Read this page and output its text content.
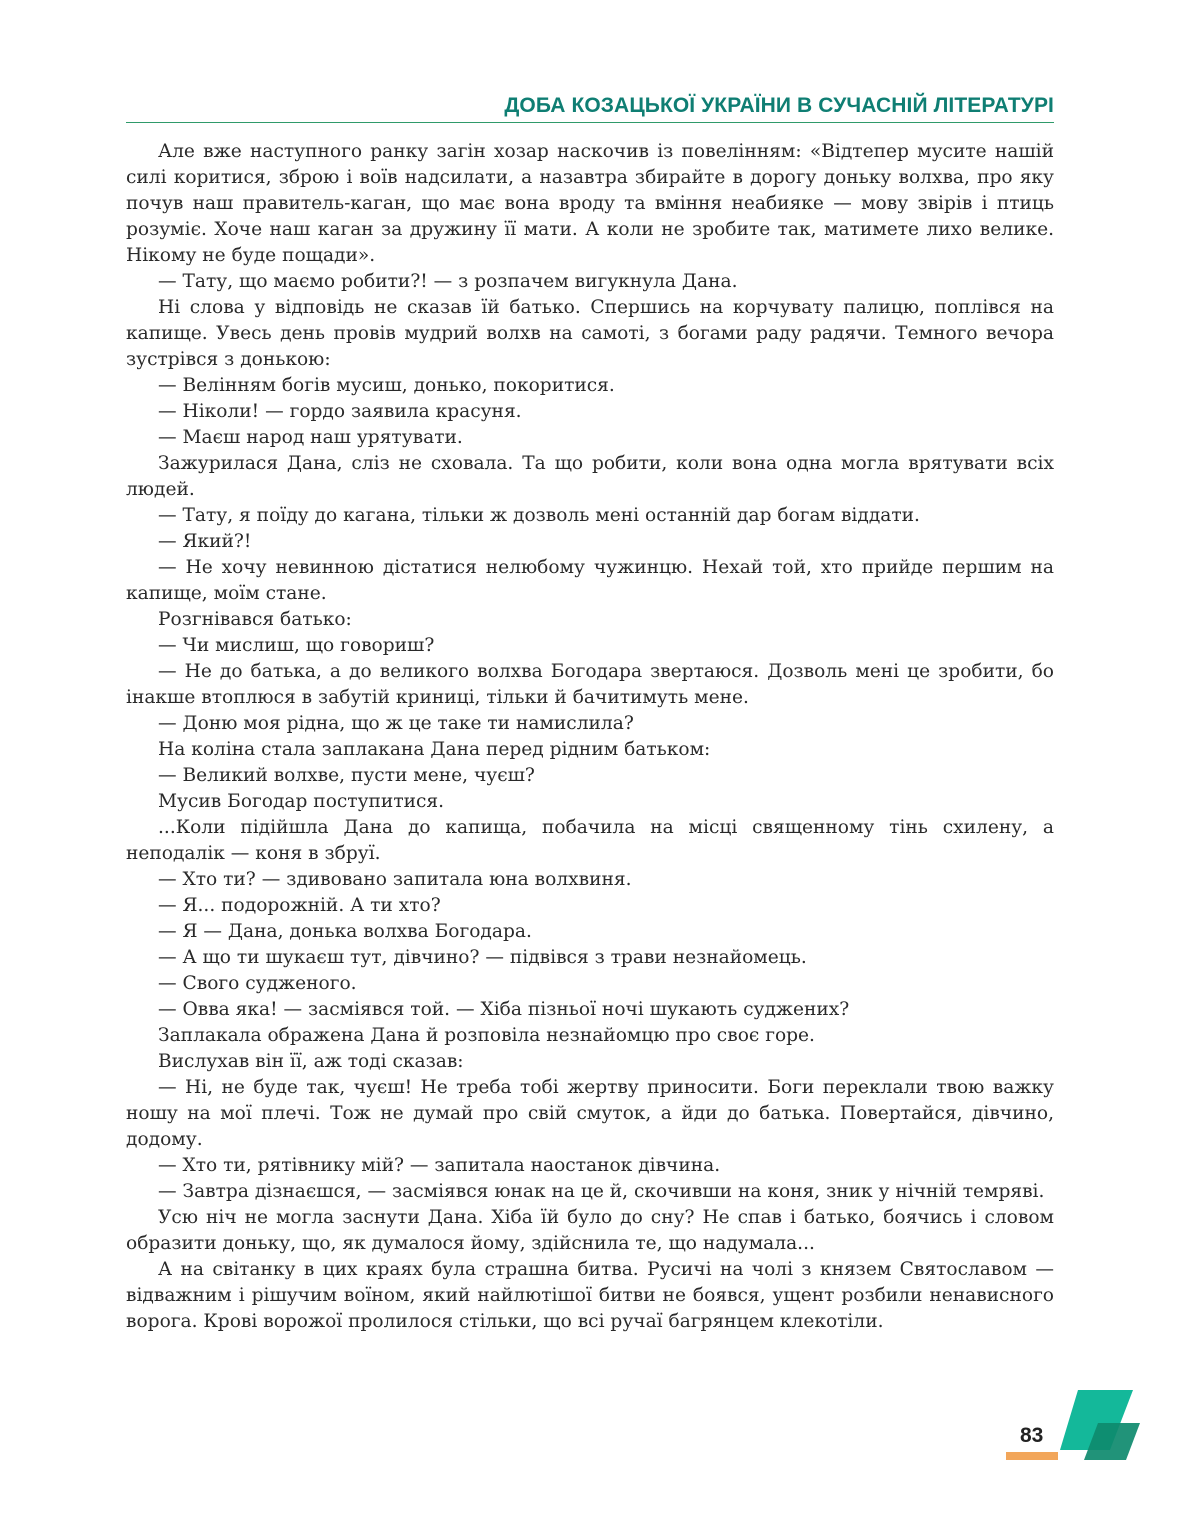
ДОБА КОЗАЦЬКОЇ УКРАЇНИ В СУЧАСНІЙ ЛІТЕРАТУРІ

Але вже наступного ранку загін хозар наскочив із повелінням: «Відтепер мусите нашій силі коритися, зброю і воїв надсилати, а назавтра збирайте в дорогу доньку волхва, про яку почув наш правитель-каган, що має вона вроду та вміння неабияке — мову звірів і птиць розуміє. Хоче наш каган за дружину її мати. А коли не зробите так, матимете лихо велике. Нікому не буде пощади».

— Тату, що маємо робити?! — з розпачем вигукнула Дана.

Ні слова у відповідь не сказав їй батько. Спершись на корчувату палицю, поплівся на капище. Увесь день провів мудрий волхв на самоті, з богами раду радячи. Темного вечора зустрівся з донькою:

— Велінням богів мусиш, донько, покоритися.

— Ніколи! — гордо заявила красуня.

— Маєш народ наш урятувати.

Зажурилася Дана, сліз не сховала. Та що робити, коли вона одна могла врятувати всіх людей.

— Тату, я поїду до кагана, тільки ж дозволь мені останній дар богам віддати.

— Який?!

— Не хочу невинною дістатися нелюбому чужинцю. Нехай той, хто прийде першим на капище, моїм стане.

Розгнівався батько:

— Чи мислиш, що говориш?

— Не до батька, а до великого волхва Богодара звертаюся. Дозволь мені це зробити, бо інакше втоплюся в забутій криниці, тільки й бачитимуть мене.

— Доню моя рідна, що ж це таке ти намислила?

На коліна стала заплакана Дана перед рідним батьком:

— Великий волхве, пусти мене, чуєш?

Мусив Богодар поступитися.

...Коли підійшла Дана до капища, побачила на місці священному тінь схилену, а неподалік — коня в збруї.

— Хто ти? — здивовано запитала юна волхвиня.

— Я... подорожній. А ти хто?

— Я — Дана, донька волхва Богодара.

— А що ти шукаєш тут, дівчино? — підвівся з трави незнайомець.

— Свого судженого.

— Овва яка! — засміявся той. — Хіба пізньої ночі шукають суджених?

Заплакала ображена Дана й розповіла незнайомцю про своє горе.

Вислухав він її, аж тоді сказав:

— Ні, не буде так, чуєш! Не треба тобі жертву приносити. Боги переклали твою важку ношу на мої плечі. Тож не думай про свій смуток, а йди до батька. Повертайся, дівчино, додому.

— Хто ти, рятівнику мій? — запитала наостанок дівчина.

— Завтра дізнаєшся, — засміявся юнак на це й, скочивши на коня, зник у нічній темряві.

Усю ніч не могла заснути Дана. Хіба їй було до сну? Не спав і батько, боячись і словом образити доньку, що, як думалося йому, здійснила те, що надумала...

А на світанку в цих краях була страшна битва. Русичі на чолі з князем Святославом — відважним і рішучим воїном, який найлютішої битви не боявся, ущент розбили ненависного ворога. Крові ворожої пролилося стільки, що всі ручаї багрянцем клекотіли.

83
